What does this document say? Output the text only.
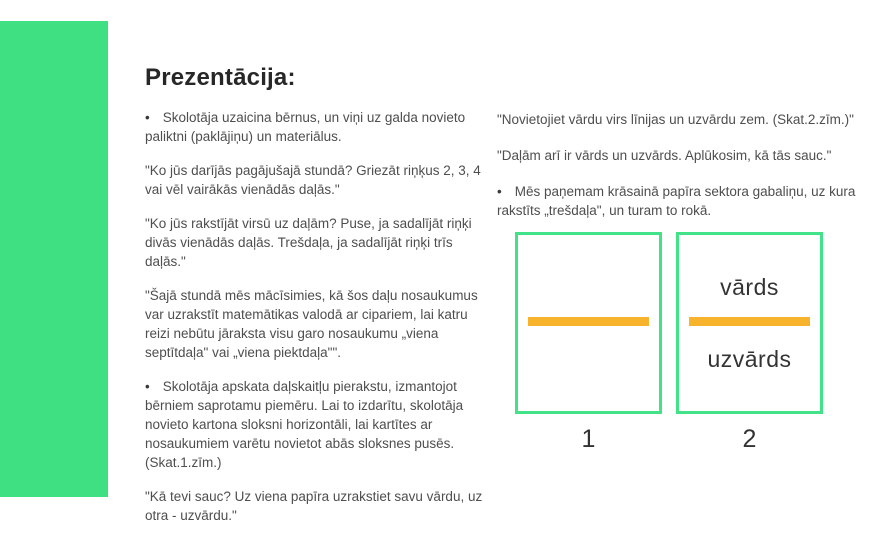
Prezentācija:

• Skolotāja uzaicina bērnus, un viņi uz galda novieto paliktni (paklājiņu) un materiālus.

"Ko jūs darījās pagājušajā stundā? Griezāt riņķus 2, 3, 4 vai vēl vairākās vienādās daļās."

"Ko jūs rakstījāt virsū uz daļām? Puse, ja sadalījāt riņķi divās vienādās daļās. Trešdaļa, ja sadalījāt riņķi trīs daļās."

"Šajā stundā mēs mācīsimies, kā šos daļu nosaukumus var uzrakstīt matemātikas valodā ar cipariem, lai katru reizi nebūtu jāraksta visu garo nosaukumu „viena septītdaļa" vai „viena piektdaļa"".

• Skolotāja apskata daļskaitļu pierakstu, izmantojot bērniem saprotamu piemēru. Lai to izdarītu, skolotāja novieto kartona sloksni horizontāli, lai kartītes ar nosaukumiem varētu novietot abās sloksnes pusēs. (Skat.1.zīm.)

"Kā tevi sauc? Uz viena papīra uzrakstiet savu vārdu, uz otra - uzvārdu."

"Novietojiet vārdu virs līnijas un uzvārdu zem. (Skat.2.zīm.)"

"Daļām arī ir vārds un uzvārds. Aplūkosim, kā tās sauc."

• Mēs paņemam krāsainā papīra sektora gabaliņu, uz kura rakstīts „trešdaļa", un turam to rokā.

1
vārds
uzvārds
2
